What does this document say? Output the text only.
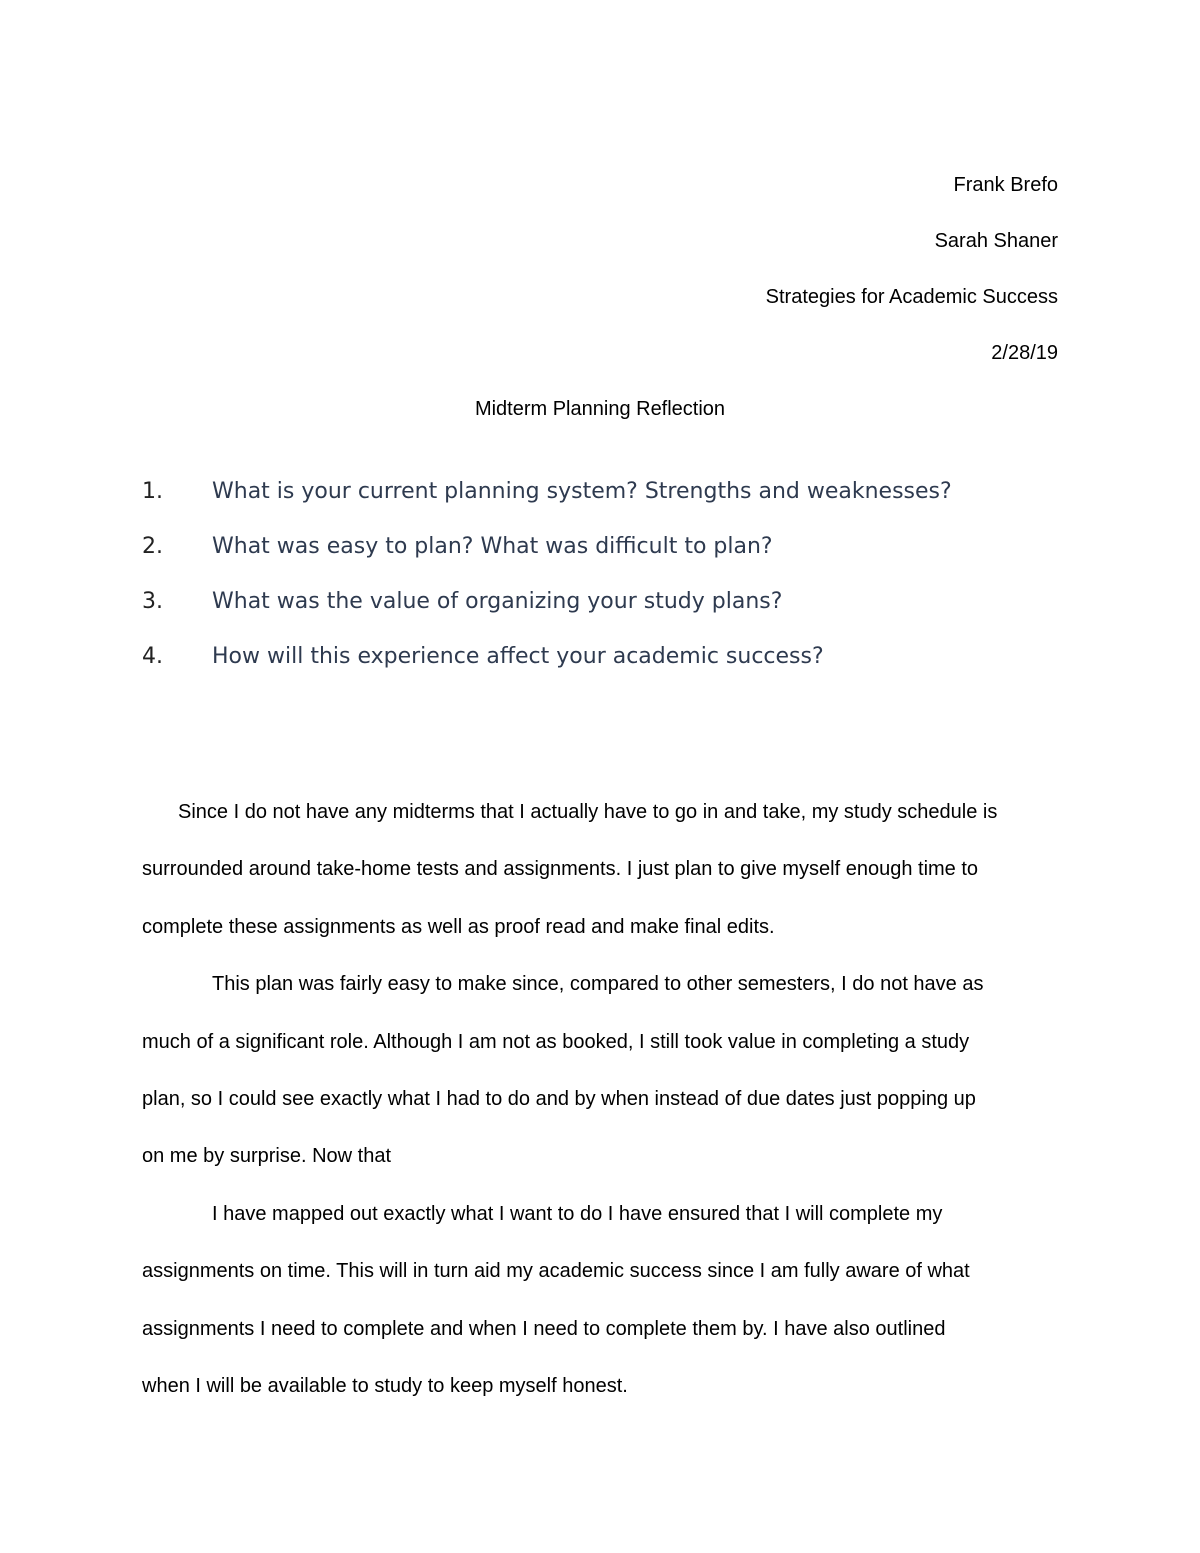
Frank Brefo
Sarah Shaner
Strategies for Academic Success
2/28/19
Midterm Planning Reflection
1. What is your current planning system? Strengths and weaknesses?
2. What was easy to plan? What was difficult to plan?
3. What was the value of organizing your study plans?
4. How will this experience affect your academic success?

Since I do not have any midterms that I actually have to go in and take, my study schedule is
surrounded around take-home tests and assignments. I just plan to give myself enough time to
complete these assignments as well as proof read and make final edits.

This plan was fairly easy to make since, compared to other semesters, I do not have as
much of a significant role. Although I am not as booked, I still took value in completing a study
plan, so I could see exactly what I had to do and by when instead of due dates just popping up
on me by surprise. Now that

I have mapped out exactly what I want to do I have ensured that I will complete my
assignments on time. This will in turn aid my academic success since I am fully aware of what
assignments I need to complete and when I need to complete them by. I have also outlined
when I will be available to study to keep myself honest.
